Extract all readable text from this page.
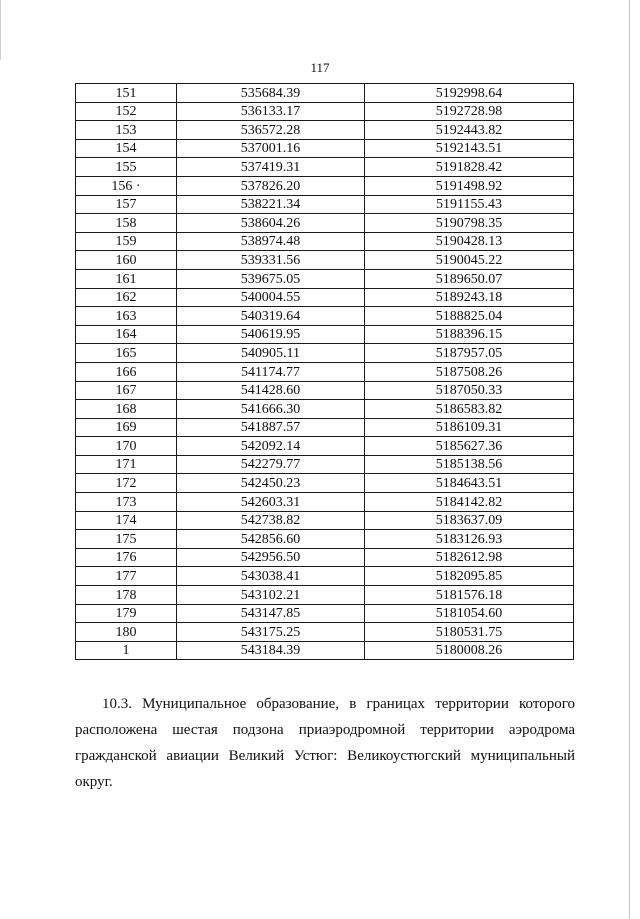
117
151	535684.39	5192998.64
152	536133.17	5192728.98
153	536572.28	5192443.82
154	537001.16	5192143.51
155	537419.31	5191828.42
156 ·	537826.20	5191498.92
157	538221.34	5191155.43
158	538604.26	5190798.35
159	538974.48	5190428.13
160	539331.56	5190045.22
161	539675.05	5189650.07
162	540004.55	5189243.18
163	540319.64	5188825.04
164	540619.95	5188396.15
165	540905.11	5187957.05
166	541174.77	5187508.26
167	541428.60	5187050.33
168	541666.30	5186583.82
169	541887.57	5186109.31
170	542092.14	5185627.36
171	542279.77	5185138.56
172	542450.23	5184643.51
173	542603.31	5184142.82
174	542738.82	5183637.09
175	542856.60	5183126.93
176	542956.50	5182612.98
177	543038.41	5182095.85
178	543102.21	5181576.18
179	543147.85	5181054.60
180	543175.25	5180531.75
1	543184.39	5180008.26

10.3. Муниципальное образование, в границах территории которого расположена шестая подзона приаэродромной территории аэродрома гражданской авиации Великий Устюг: Великоустюгский муниципальный округ.
